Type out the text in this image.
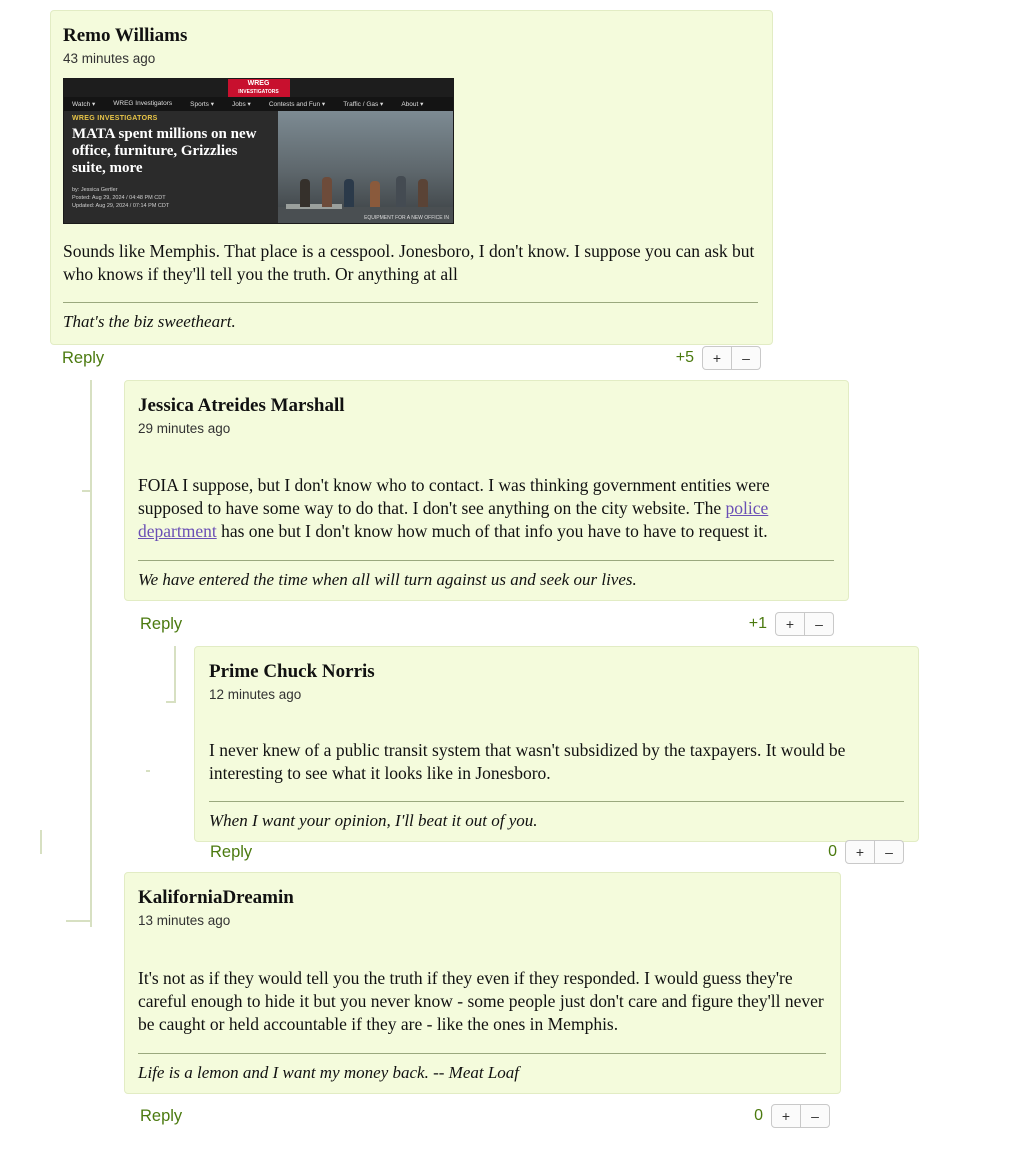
Remo Williams
43 minutes ago
WREG
INVESTIGATORS
Watch ▾	WREG Investigators	Sports ▾	Jobs ▾	Contests and Fun ▾	Traffic / Gas ▾	About ▾
EQUIPMENT FOR A NEW OFFICE IN
WREG INVESTIGATORS
MATA spent millions on new office, furniture, Grizzlies suite, more
by: Jessica Gertler
Posted: Aug 29, 2024 / 04:48 PM CDT
Updated: Aug 29, 2024 / 07:14 PM CDT
Sounds like Memphis. That place is a cesspool. Jonesboro, I don't know. I suppose you can ask but who knows if they'll tell you the truth. Or anything at all
That's the biz sweetheart.
Reply	+5	+	–
Jessica Atreides Marshall
29 minutes ago
FOIA I suppose, but I don't know who to contact. I was thinking government entities were supposed to have some way to do that. I don't see anything on the city website. The police department has one but I don't know how much of that info you have to have to request it.
We have entered the time when all will turn against us and seek our lives.
Reply	+1	+	–
Prime Chuck Norris
12 minutes ago
I never knew of a public transit system that wasn't subsidized by the taxpayers. It would be interesting to see what it looks like in Jonesboro.
When I want your opinion, I'll beat it out of you.
Reply	0	+	–
KaliforniaDreamin
13 minutes ago
It's not as if they would tell you the truth if they even if they responded. I would guess they're careful enough to hide it but you never know - some people just don't care and figure they'll never be caught or held accountable if they are - like the ones in Memphis.
Life is a lemon and I want my money back. -- Meat Loaf
Reply	0	+	–
